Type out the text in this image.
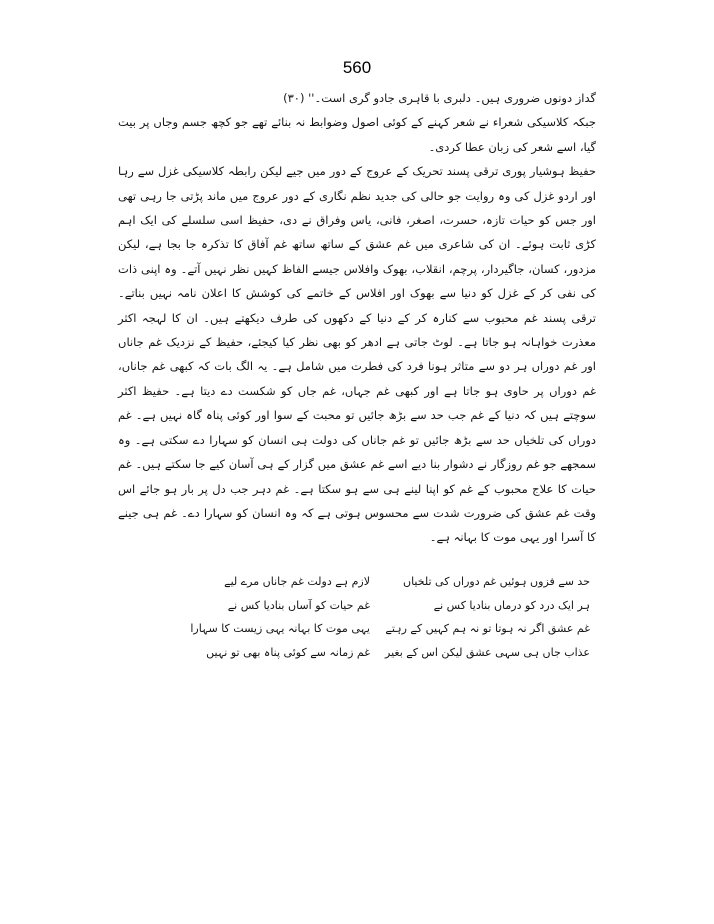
560

گداز دونوں ضروری ہیں۔ دلبری با قاہری جادو گری است۔'' (۳۰)

جبکہ کلاسیکی شعراء نے شعر کہنے کے کوئی اصول وضوابط نہ بنائے تھے جو کچھ جسم وجاں پر بیت گیا، اسے شعر کی زبان عطا کردی۔

حفیظ ہوشیار پوری ترقی پسند تحریک کے عروج کے دور میں جیے لیکن رابطہ کلاسیکی غزل سے رہا اور اردو غزل کی وہ روایت جو حالی کی جدید نظم نگاری کے دور عروج میں ماند پڑتی جا رہی تھی اور جس کو حیات تازہ، حسرت، اصغر، فانی، یاس وفراق نے دی، حفیظ اسی سلسلے کی ایک اہم کڑی ثابت ہوئے۔ ان کی شاعری میں غم عشق کے ساتھ ساتھ غم آفاق کا تذکرہ جا بجا ہے، لیکن مزدور، کسان، جاگیردار، پرچم، انقلاب، بھوک وافلاس جیسے الفاظ کہیں نظر نہیں آتے۔ وہ اپنی ذات کی نفی کر کے غزل کو دنیا سے بھوک اور افلاس کے خاتمے کی کوشش کا اعلان نامہ نہیں بناتے۔ ترقی پسند غم محبوب سے کنارہ کر کے دنیا کے دکھوں کی طرف دیکھتے ہیں۔ ان کا لہجہ اکثر معذرت خواہانہ ہو جاتا ہے۔ لوٹ جاتی ہے ادھر کو بھی نظر کیا کیجئے، حفیظ کے نزدیک غم جاناں اور غم دوراں ہر دو سے متاثر ہونا فرد کی فطرت میں شامل ہے۔ یہ الگ بات کہ کبھی غم جاناں، غم دوراں پر حاوی ہو جاتا ہے اور کبھی غم جہاں، غم جاں کو شکست دے دیتا ہے۔ حفیظ اکثر سوچتے ہیں کہ دنیا کے غم جب حد سے بڑھ جائیں تو محبت کے سوا اور کوئی پناہ گاہ نہیں ہے۔ غم دوراں کی تلخیاں حد سے بڑھ جائیں تو غم جاناں کی دولت ہی انسان کو سہارا دے سکتی ہے۔ وہ سمجھے جو غم روزگار نے دشوار بنا دیے اسے غم عشق میں گزار کے ہی آسان کیے جا سکتے ہیں۔ غم حیات کا علاج محبوب کے غم کو اپنا لینے ہی سے ہو سکتا ہے۔ غم دہر جب دل پر بار ہو جائے اس وقت غم عشق کی ضرورت شدت سے محسوس ہوتی ہے کہ وہ انسان کو سہارا دے۔ غم ہی جینے کا آسرا اور یہی موت کا بہانہ ہے۔

حد سے فزوں ہوئیں غم دوراں کی تلخیاں
لازم ہے دولت غم جاناں مرے لیے
ہر ایک درد کو درماں بنادیا کس نے
غم حیات کو آساں بنادیا کس نے
غم عشق اگر نہ ہوتا تو نہ ہم کہیں کے رہتے
یہی موت کا بہانہ یہی زیست کا سہارا
عذاب جاں ہی سہی عشق لیکن اس کے بغیر
غم زمانہ سے کوئی پناہ بھی تو نہیں
